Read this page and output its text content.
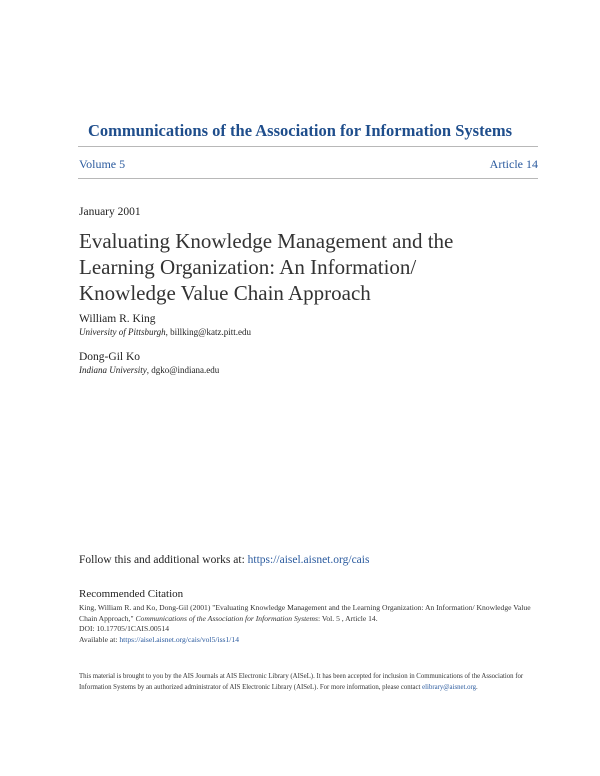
Communications of the Association for Information Systems
Volume 5	Article 14
January 2001
Evaluating Knowledge Management and the
Learning Organization: An Information/
Knowledge Value Chain Approach
William R. King
University of Pittsburgh, billking@katz.pitt.edu
Dong-Gil Ko
Indiana University, dgko@indiana.edu
Follow this and additional works at: https://aisel.aisnet.org/cais
Recommended Citation
King, William R. and Ko, Dong-Gil (2001) "Evaluating Knowledge Management and the Learning Organization: An Information/ Knowledge Value Chain Approach," Communications of the Association for Information Systems: Vol. 5 , Article 14.
DOI: 10.17705/1CAIS.00514
Available at: https://aisel.aisnet.org/cais/vol5/iss1/14
This material is brought to you by the AIS Journals at AIS Electronic Library (AISeL). It has been accepted for inclusion in Communications of the Association for Information Systems by an authorized administrator of AIS Electronic Library (AISeL). For more information, please contact elibrary@aisnet.org.
